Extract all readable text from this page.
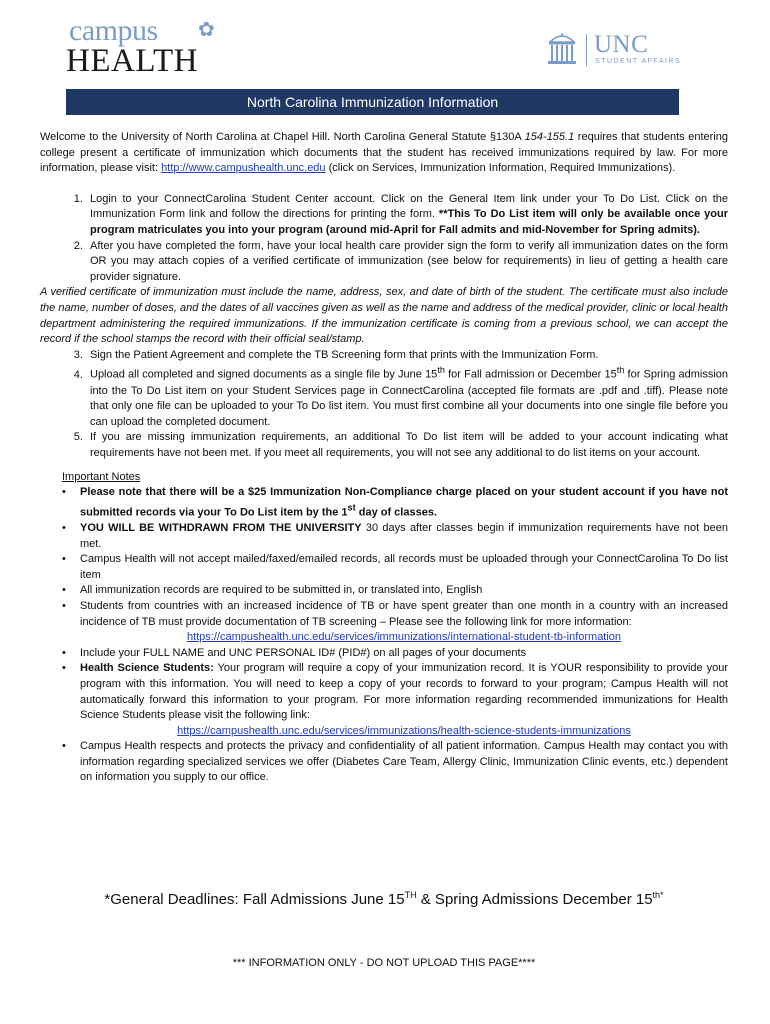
campus ✿
HEALTH	UNC
STUDENT AFFAIRS
North Carolina Immunization Information

Welcome to the University of North Carolina at Chapel Hill. North Carolina General Statute §130A 154-155.1 requires that students entering college present a certificate of immunization which documents that the student has received immunizations required by law. For more information, please visit: http://www.campushealth.unc.edu (click on Services, Immunization Information, Required Immunizations).

1. Login to your ConnectCarolina Student Center account. Click on the General Item link under your To Do List. Click on the Immunization Form link and follow the directions for printing the form. **This To Do List item will only be available once your program matriculates you into your program (around mid-April for Fall admits and mid-November for Spring admits).
2. After you have completed the form, have your local health care provider sign the form to verify all immunization dates on the form OR you may attach copies of a verified certificate of immunization (see below for requirements) in lieu of getting a health care provider signature.

A verified certificate of immunization must include the name, address, sex, and date of birth of the student. The certificate must also include the name, number of doses, and the dates of all vaccines given as well as the name and address of the medical provider, clinic or local health department administering the required immunizations. If the immunization certificate is coming from a previous school, we can accept the record if the school stamps the record with their official seal/stamp.

3. Sign the Patient Agreement and complete the TB Screening form that prints with the Immunization Form.
4. Upload all completed and signed documents as a single file by June 15th for Fall admission or December 15th for Spring admission into the To Do List item on your Student Services page in ConnectCarolina (accepted file formats are .pdf and .tiff). Please note that only one file can be uploaded to your To Do list item. You must first combine all your documents into one single file before you can upload the completed document.
5. If you are missing immunization requirements, an additional To Do list item will be added to your account indicating what requirements have not been met. If you meet all requirements, you will not see any additional to do list items on your account.

Important Notes

• Please note that there will be a $25 Immunization Non-Compliance charge placed on your student account if you have not submitted records via your To Do List item by the 1st day of classes.
• YOU WILL BE WITHDRAWN FROM THE UNIVERSITY 30 days after classes begin if immunization requirements have not been met.
• Campus Health will not accept mailed/faxed/emailed records, all records must be uploaded through your ConnectCarolina To Do list item
• All immunization records are required to be submitted in, or translated into, English
• Students from countries with an increased incidence of TB or have spent greater than one month in a country with an increased incidence of TB must provide documentation of TB screening – Please see the following link for more information:
https://campushealth.unc.edu/services/immunizations/international-student-tb-information
• Include your FULL NAME and UNC PERSONAL ID# (PID#) on all pages of your documents
• Health Science Students: Your program will require a copy of your immunization record. It is YOUR responsibility to provide your program with this information. You will need to keep a copy of your records to forward to your program; Campus Health will not automatically forward this information to your program. For more information regarding recommended immunizations for Health Science Students please visit the following link:
https://campushealth.unc.edu/services/immunizations/health-science-students-immunizations
• Campus Health respects and protects the privacy and confidentiality of all patient information. Campus Health may contact you with information regarding specialized services we offer (Diabetes Care Team, Allergy Clinic, Immunization Clinic events, etc.) dependent on information you supply to our office.
*General Deadlines: Fall Admissions June 15TH & Spring Admissions December $15^{th*}$
*** INFORMATION ONLY - DO NOT UPLOAD THIS PAGE****
